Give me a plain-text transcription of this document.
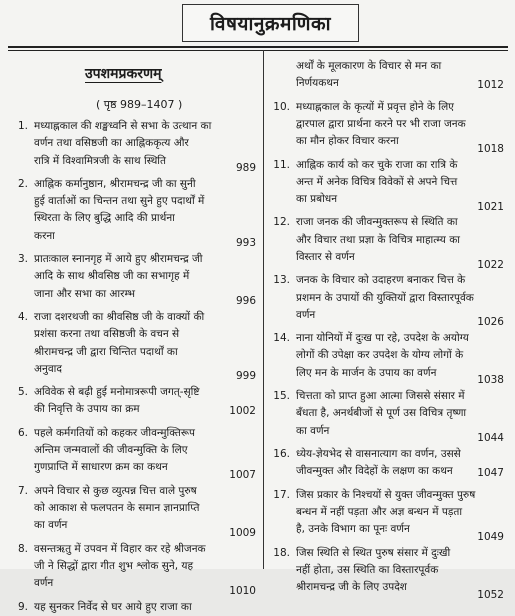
विषयानुक्रमणिका
उपशमप्रकरणम्
( पृष्ठ 989–1407 )
1. मध्याह्नकाल की शङ्खध्वनि से सभा के उत्थान का
वर्णन तथा वसिष्ठजी का आह्निककृत्य और
रात्रि में विश्वामित्रजी के साथ स्थिति
989
2. आह्निक कर्मानुष्ठान, श्रीरामचन्द्र जी का सुनी
हुई वार्ताओं का चिन्तन तथा सुने हुए पदार्थों में
स्थिरता के लिए बुद्धि आदि की प्रार्थना
करना
993
3. प्रातःकाल स्नानगृह में आये हुए श्रीरामचन्द्र जी
आदि के साथ श्रीवसिष्ठ जी का सभागृह में
जाना और सभा का आरम्भ
996
4. राजा दशरथजी का श्रीवसिष्ठ जी के वाक्यों की
प्रशंसा करना तथा वसिष्ठजी के वचन से
श्रीरामचन्द्र जी द्वारा चिन्तित पदार्थों का
अनुवाद
999
5. अविवेक से बढ़ी हुई मनोमात्ररूपी जगत्-सृष्टि
की निवृत्ति के उपाय का क्रम	1002
6. पहले कर्मगतियों को कहकर जीवन्मुक्तिरूप
अन्तिम जन्मवालों की जीवन्मुक्ति के लिए
गुणप्राप्ति में साधारण क्रम का कथन
1007
7. अपने विचार से कुछ व्युत्पन्न चित्त वाले पुरुष
को आकाश से फलपतन के समान ज्ञानप्राप्ति
का वर्णन
1009
8. वसन्तऋतु में उपवन में विहार कर रहे श्रीजनक
जी ने सिद्धों द्वारा गीत शुभ श्लोक सुने, यह
वर्णन
1010
9. यह सुनकर निर्वेद से घर आये हुए राजा का
अर्थों के मूलकारण के विचार से मन का
निर्णयकथन	1012
10. मध्याह्नकाल के कृत्यों में प्रवृत्त होने के लिए
द्वारपाल द्वारा प्रार्थना करने पर भी राजा जनक
का मौन होकर विचार करना
1018
11. आह्निक कार्य को कर चुके राजा का रात्रि के
अन्त में अनेक विचित्र विवेकों से अपने चित्त
का प्रबोधन
1021
12. राजा जनक की जीवन्मुक्तरूप से स्थिति का
और विचार तथा प्रज्ञा के विचित्र माहात्म्य का
विस्तार से वर्णन
1022
13. जनक के विचार को उदाहरण बनाकर चित्त के
प्रशमन के उपायों की युक्तियों द्वारा विस्तारपूर्वक
वर्णन
1026
14. नाना योनियों में दुःख पा रहे, उपदेश के अयोग्य
लोगों की उपेक्षा कर उपदेश के योग्य लोगों के
लिए मन के मार्जन के उपाय का वर्णन
1038
15. चित्तता को प्राप्त हुआ आत्मा जिससे संसार में
बँधता है, अनर्थबीजों से पूर्ण उस विचित्र तृष्णा
का वर्णन
1044
16. ध्येय-ज्ञेयभेद से वासनात्याग का वर्णन, उससे
जीवन्मुक्त और विदेहों के लक्षण का कथन	1047
17. जिस प्रकार के निश्चयों से युक्त जीवन्मुक्त पुरुष
बन्धन में नहीं पड़ता और अज्ञ बन्धन में पड़ता
है, उनके विभाग का पूनः वर्णन
1049
18. जिस स्थिति से स्थित पुरुष संसार में दुःखी
नहीं होता, उस स्थिति का विस्तारपूर्वक
श्रीरामचन्द्र जी के लिए उपदेश
1052
